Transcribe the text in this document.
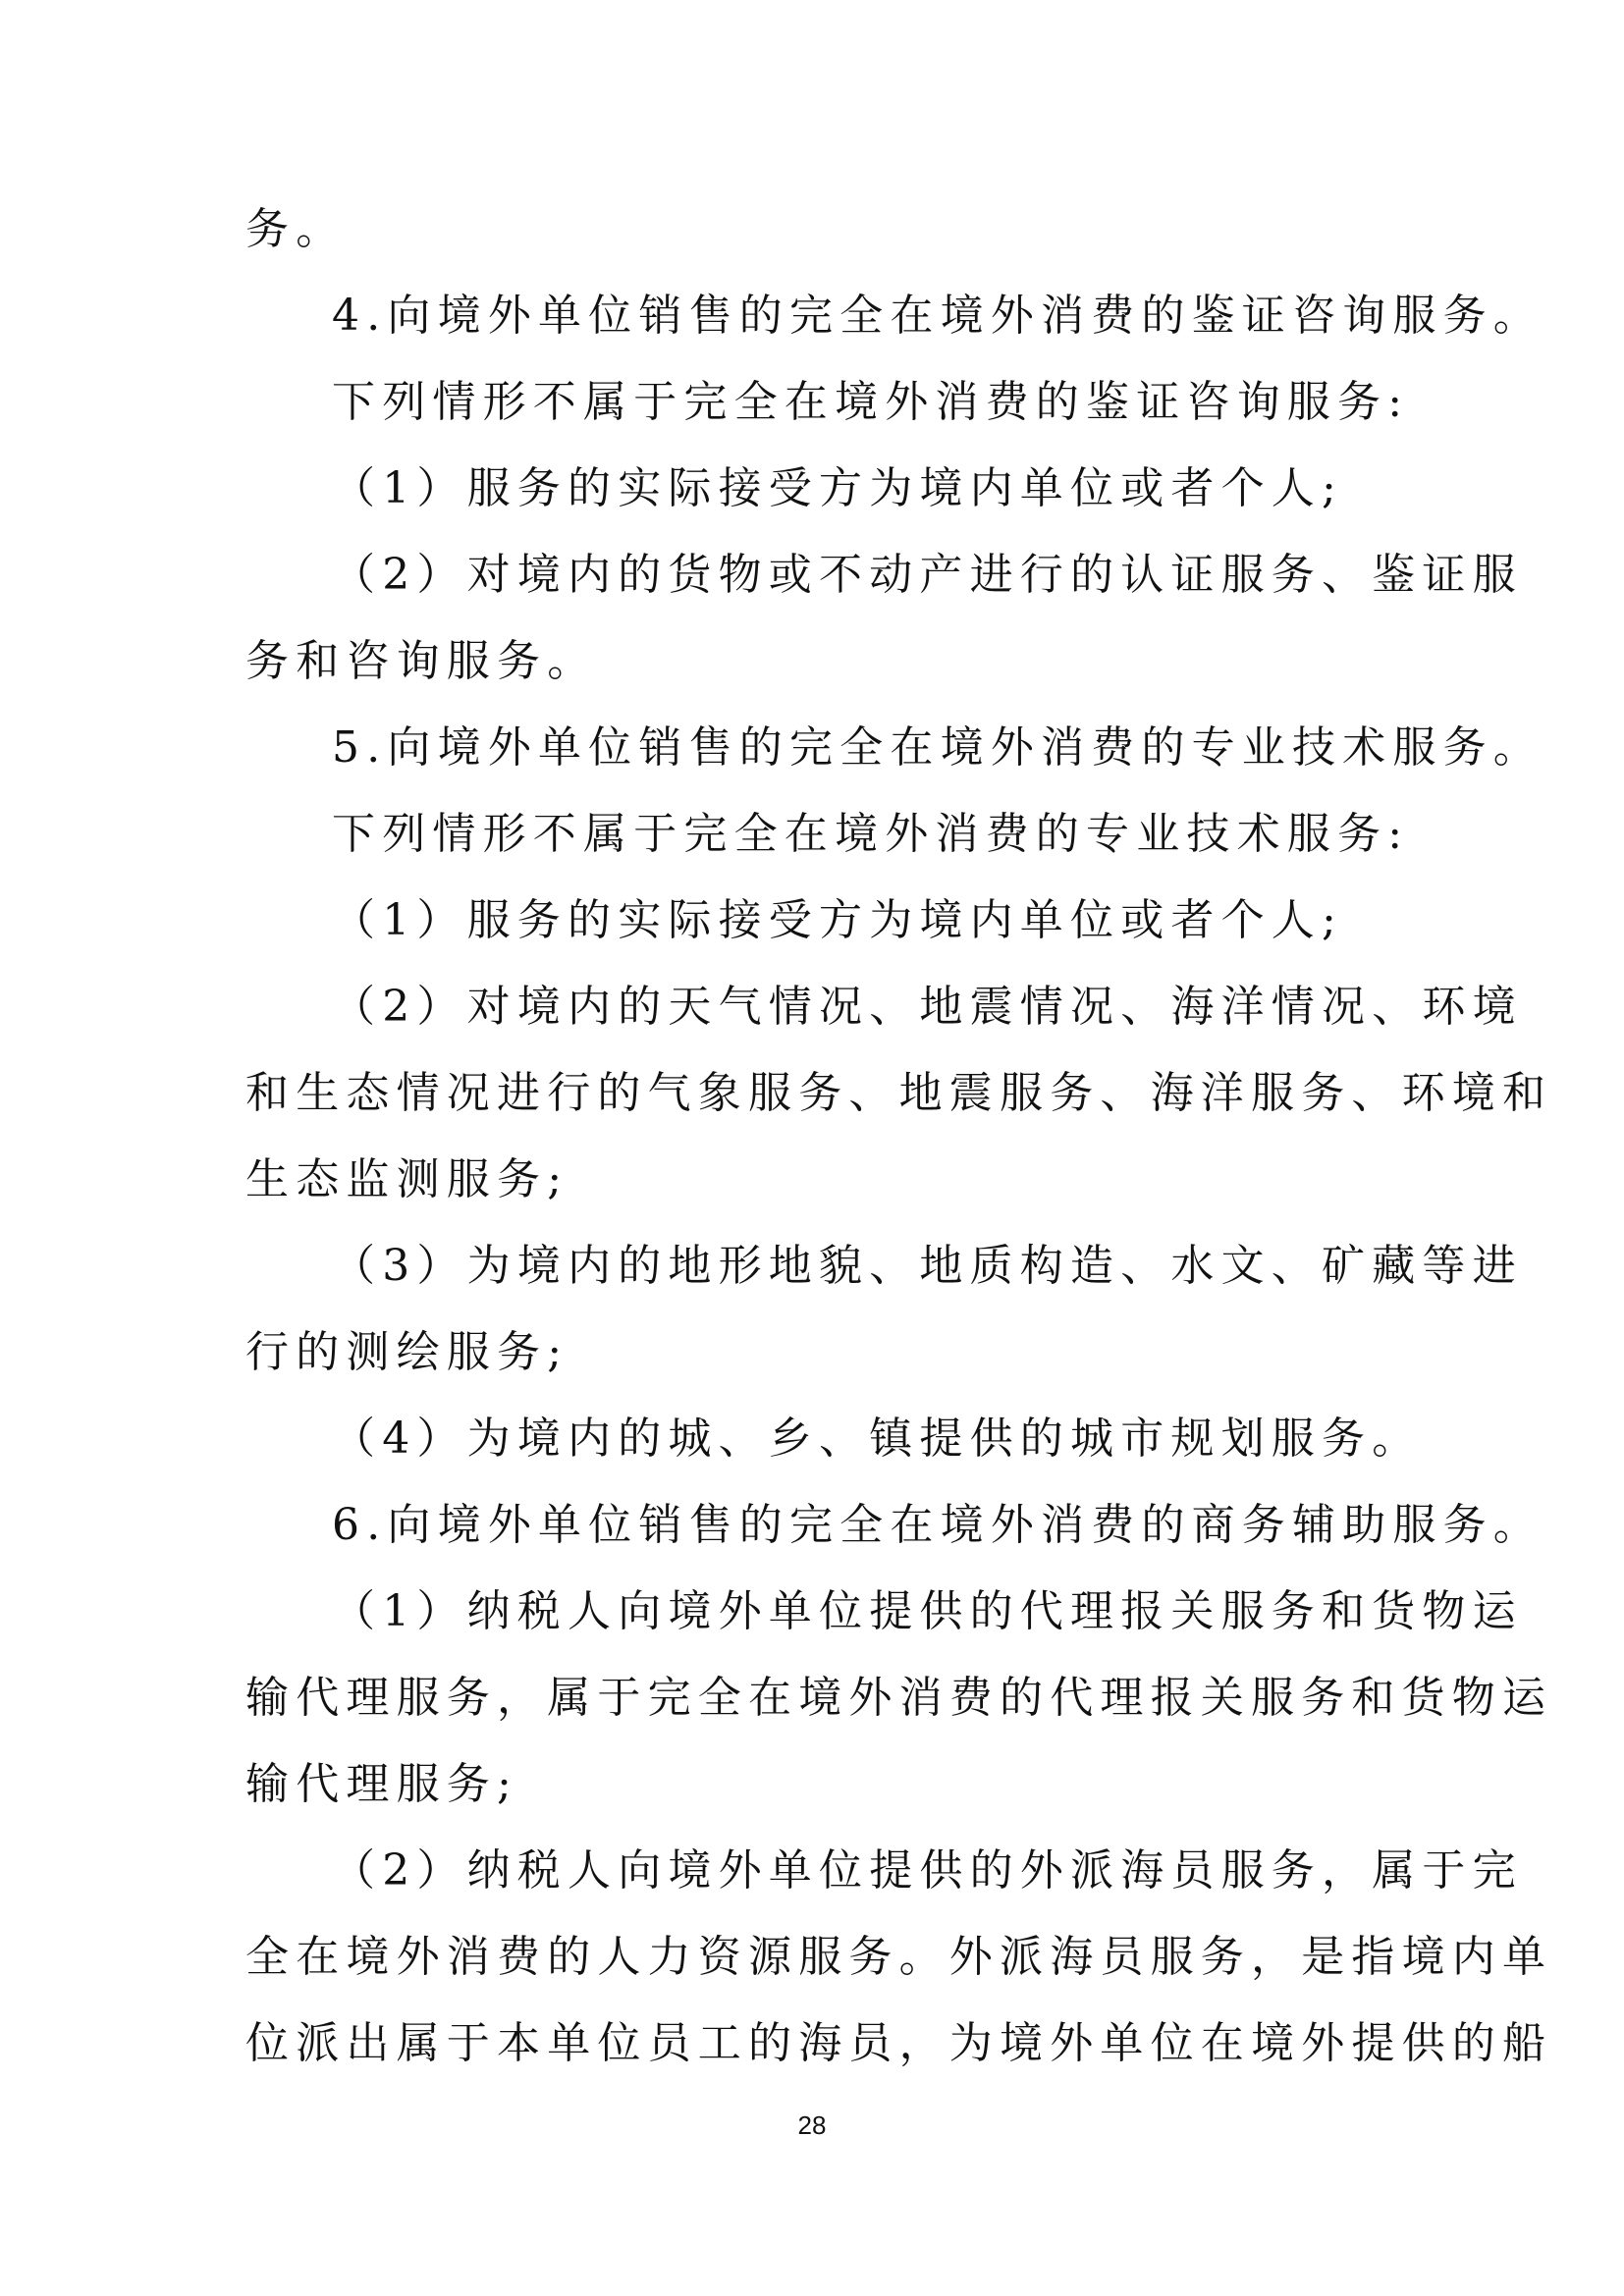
务。
4.向境外单位销售的完全在境外消费的鉴证咨询服务。
下列情形不属于完全在境外消费的鉴证咨询服务:
（1）服务的实际接受方为境内单位或者个人;
（2）对境内的货物或不动产进行的认证服务、鉴证服
务和咨询服务。
5.向境外单位销售的完全在境外消费的专业技术服务。
下列情形不属于完全在境外消费的专业技术服务:
（1）服务的实际接受方为境内单位或者个人;
（2）对境内的天气情况、地震情况、海洋情况、环境
和生态情况进行的气象服务、地震服务、海洋服务、环境和
生态监测服务;
（3）为境内的地形地貌、地质构造、水文、矿藏等进
行的测绘服务;
（4）为境内的城、乡、镇提供的城市规划服务。
6.向境外单位销售的完全在境外消费的商务辅助服务。
（1）纳税人向境外单位提供的代理报关服务和货物运
输代理服务，属于完全在境外消费的代理报关服务和货物运
输代理服务;
（2）纳税人向境外单位提供的外派海员服务，属于完
全在境外消费的人力资源服务。外派海员服务，是指境内单
位派出属于本单位员工的海员，为境外单位在境外提供的船
28
